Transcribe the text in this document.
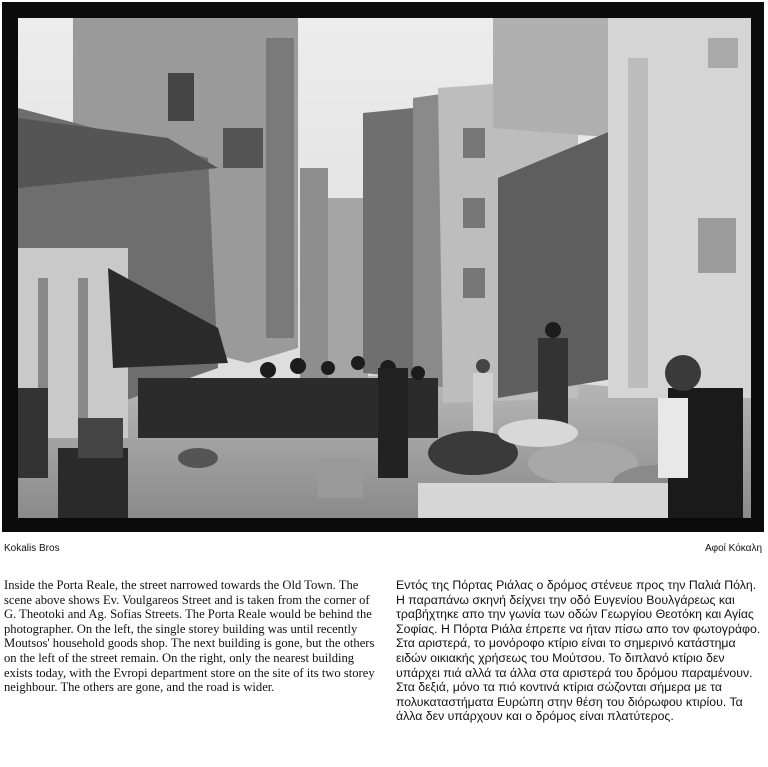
Kokalis Bros	Αφοί Κόκαλη
Inside the Porta Reale, the street narrowed towards the Old Town. The scene above shows Ev. Voulgareos Street and is taken from the corner of G. Theotoki and Ag. Sofias Streets. The Porta Reale would be behind the photographer. On the left, the single storey building was until recently Moutsos' household goods shop. The next building is gone, but the others on the left of the street remain. On the right, only the nearest building exists today, with the Evropi department store on the site of its two storey neighbour. The others are gone, and the road is wider.
Εντός της Πόρτας Ριάλας ο δρόμος στένευε προς την Παλιά Πόλη. Η παραπάνω σκηνή δείχνει την οδό Ευγενίου Βουλγάρεως και τραβήχτηκε απο την γωνία των οδών Γεωργίου Θεοτόκη και Αγίας Σοφίας. Η Πόρτα Ριάλα έπρεπε να ήταν πίσω απο τον φωτογράφο. Στα αριστερά, το μονόροφο κτίριο είναι το σημερινό κατάστημα ειδών οικιακής χρήσεως του Μούτσου. Το διπλανό κτίριο δεν υπάρχει πιά αλλά τα άλλα στα αριστερά του δρόμου παραμένουν. Στα δεξιά, μόνο τα πιό κοντινά κτίρια σώζονται σήμερα με τα πολυκαταστήματα Ευρώπη στην θέση του διόρωφου κτιρίου. Τα άλλα δεν υπάρχουν και ο δρόμος είναι πλατύτερος.
